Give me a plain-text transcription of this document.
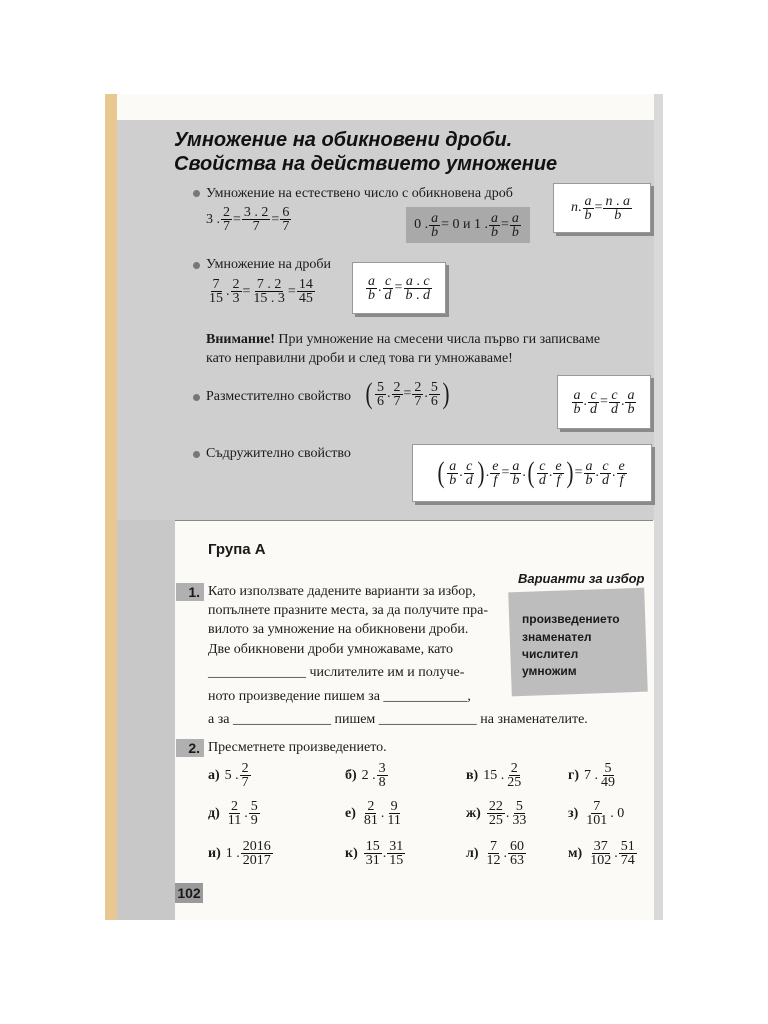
Умножение на обикновени дроби.
Свойства на действието умножение
Умножение на естествено число с обикновена дроб
3 . $\frac{2}{7} = \frac{3 . 2}{7} = \frac{6}{7}$	0 . $\frac{a}{b} = 0$ и 1 . $\frac{a}{b} = \frac{a}{b}$
n . $\frac{a}{b} = \frac{n . a}{b}$
Умножение на дроби
$\frac{7}{15}$ . $\frac{2}{3} = \frac{7 . 2}{15 . 3} = \frac{14}{45}$	$\frac{a}{b}$ . $\frac{c}{d} = \frac{a . c}{b . d}$
Внимание! При умножение на смесени числа първо ги записваме
като неправилни дроби и след това ги умножаваме!
Разместително свойство ( $\frac{5}{6}$ . $\frac{2}{7} = \frac{2}{7}$ . $\frac{5}{6}$ )	$\frac{a}{b}$ . $\frac{c}{d} = \frac{c}{d}$ . $\frac{a}{b}$
Съдружително свойство
( $\frac{a}{b}$ . $\frac{c}{d}$ ) . $\frac{e}{f} = \frac{a}{b}$ . ( $\frac{c}{d}$ . $\frac{e}{f}$ ) = $\frac{a}{b}$ . $\frac{c}{d}$ . $\frac{e}{f}$
Група А
1. Като използвате дадените варианти за избор,
попълнете празните места, за да получите пра-
вилото за умножение на обикновени дроби.
Две обикновени дроби умножаваме, като
______________ числителите им и получе-
ното произведение пишем за ____________,
а за ______________ пишем ______________ на знаменателите.
Варианти за избор
произведението
знаменател
числител
умножим
2. Пресметнете произведението.
а) 5 . $\frac{2}{7}$	б) 2 . $\frac{3}{8}$	в) 15 . $\frac{2}{25}$	г) 7 . $\frac{5}{49}$
$д) \frac{2}{11}$ . $\frac{5}{9}$	$е) \frac{2}{81}$ . $\frac{9}{11}$	$ж) \frac{22}{25}$ . $\frac{5}{33}$	$з) \frac{7}{101}$ . 0
и) 1 . $\frac{2016}{2017}$	$к) \frac{15}{31}$ . $\frac{31}{15}$	$л) \frac{7}{12}$ . $\frac{60}{63}$	$м) \frac{37}{102}$ . $\frac{51}{74}$
102
